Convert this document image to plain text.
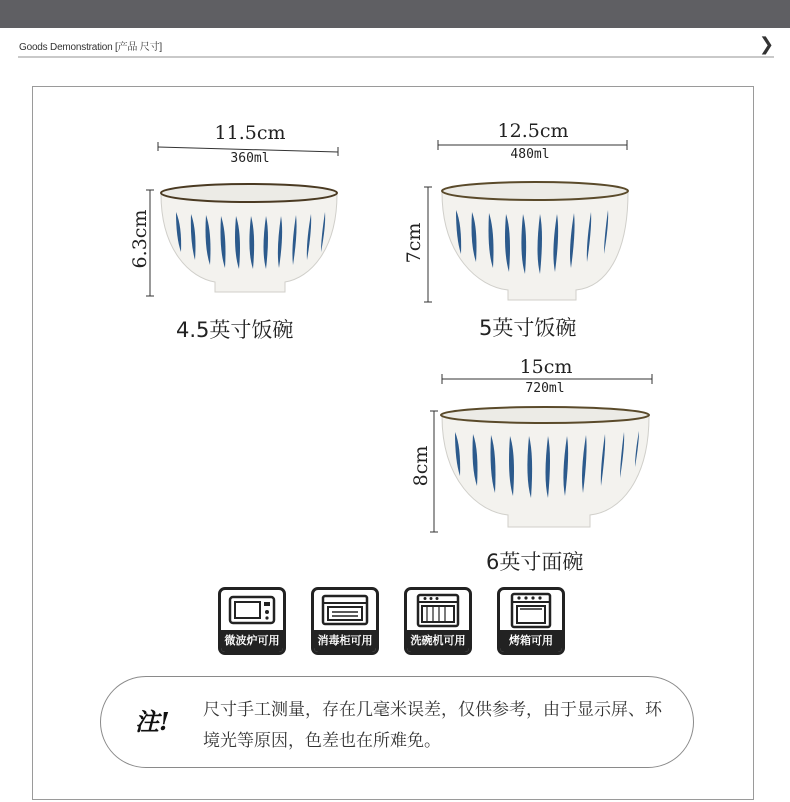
Goods Demonstration [产品 尺寸]	❯
11.5cm
360ml
6.3cm
4.5英寸饭碗
12.5cm
480ml
7cm
5英寸饭碗
15cm
720ml
8cm
6英寸面碗
微波炉可用	消毒柜可用	洗碗机可用	烤箱可用
注! 尺寸手工测量，存在几毫米误差，仅供参考，由于显示屏、环境光等原因，色差也在所难免。
